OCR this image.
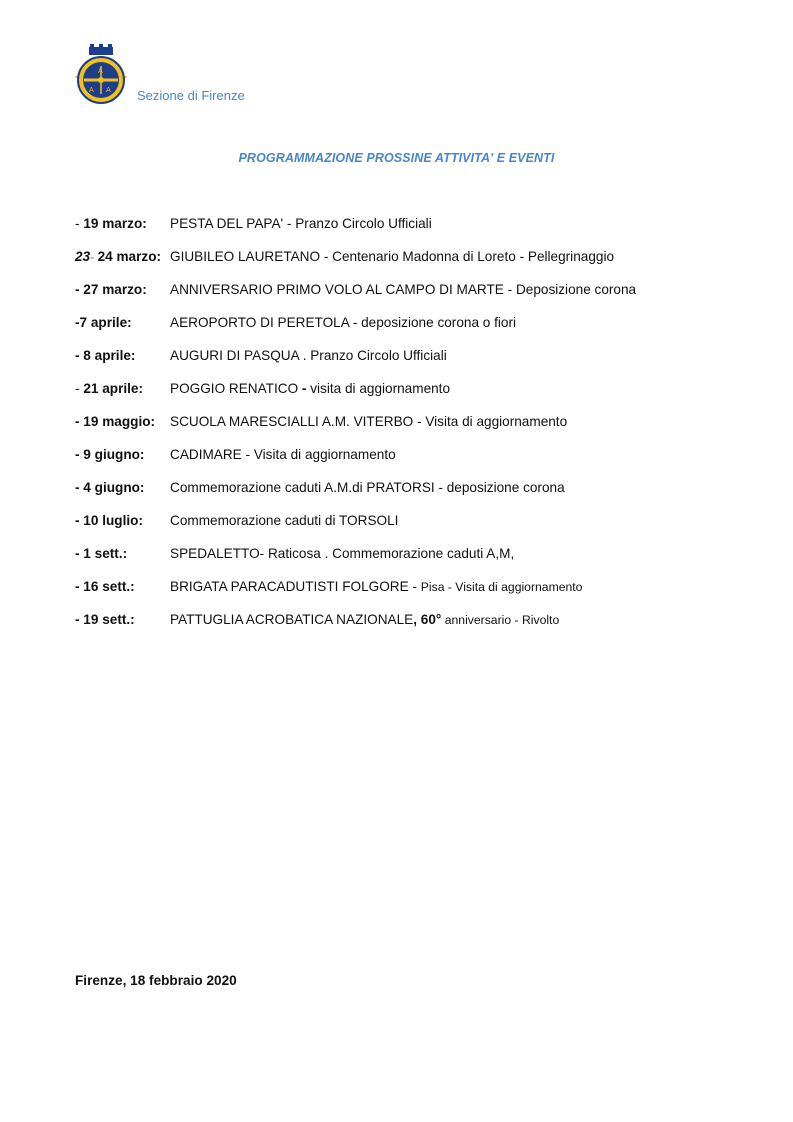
A
A A Sezione di Firenze
PROGRAMMAZIONE PROSSINE ATTIVITA' E EVENTI
- 19 marzo: PESTA DEL PAPA' - Pranzo Circolo Ufficiali
23- 24 marzo: GIUBILEO LAURETANO - Centenario Madonna di Loreto - Pellegrinaggio
- 27 marzo: ANNIVERSARIO PRIMO VOLO AL CAMPO DI MARTE - Deposizione corona
-7 aprile:	AEROPORTO DI PERETOLA - deposizione corona o fiori
- 8 aprile:	AUGURI DI PASQUA . Pranzo Circolo Ufficiali
- 21 aprile: POGGIO RENATICO - visita di aggiornamento
- 19 maggio: SCUOLA MARESCIALLI A.M. VITERBO - Visita di aggiornamento
- 9 giugno: CADIMARE - Visita di aggiornamento
- 4 giugno: Commemorazione caduti A.M.di PRATORSI - deposizione corona
- 10 luglio: Commemorazione caduti di TORSOLI
- 1 sett.:	SPEDALETTO- Raticosa . Commemorazione caduti A,M,
- 16 sett.:	BRIGATA PARACADUTISTI FOLGORE - Pisa - Visita di aggiornamento
- 19 sett.:	PATTUGLIA ACROBATICA NAZIONALE, 60° anniversario - Rivolto
Firenze, 18 febbraio 2020
